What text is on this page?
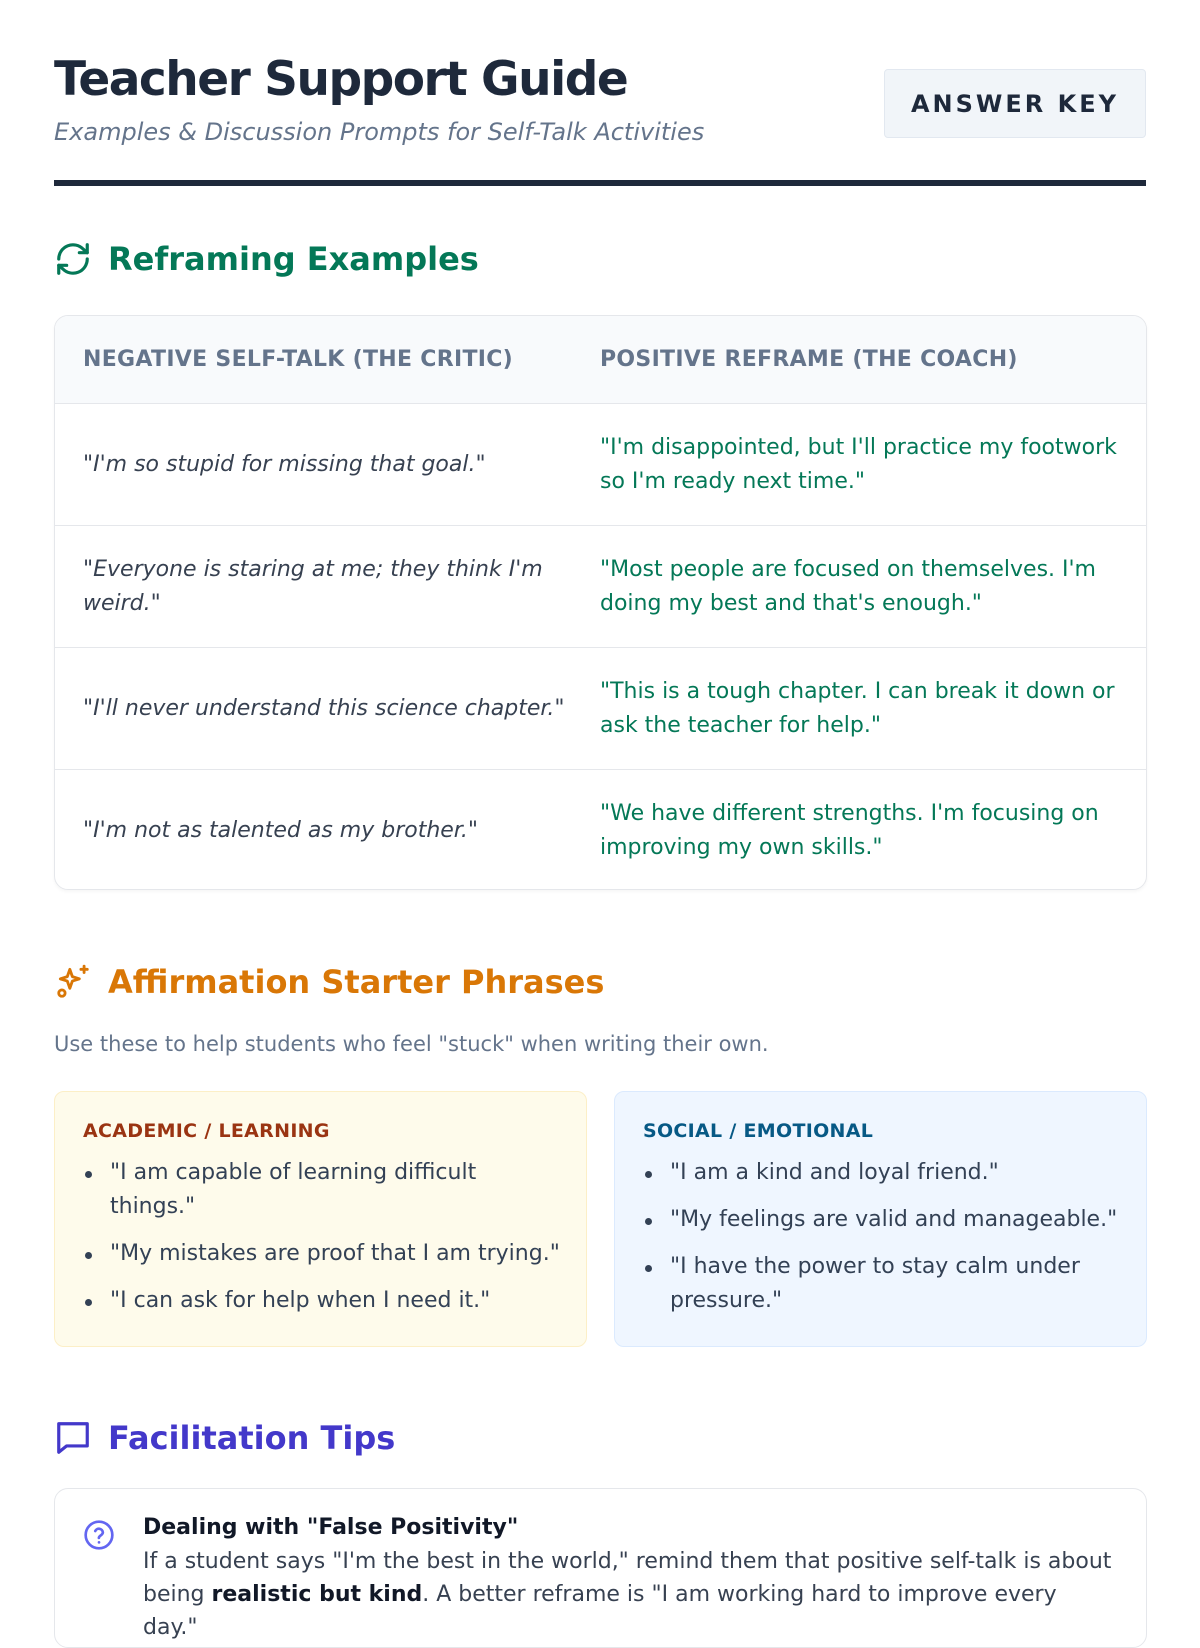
Teacher Support Guide
Examples & Discussion Prompts for Self-Talk Activities
ANSWER KEY
Reframing Examples
NEGATIVE SELF-TALK (THE CRITIC)	POSITIVE REFRAME (THE COACH)
"I'm so stupid for missing that goal."
"I'm disappointed, but I'll practice my footwork so I'm ready next time."
"Everyone is staring at me; they think I'm weird."
"Most people are focused on themselves. I'm doing my best and that's enough."
"I'll never understand this science chapter."
"This is a tough chapter. I can break it down or ask the teacher for help."
"I'm not as talented as my brother."
"We have different strengths. I'm focusing on improving my own skills."
Affirmation Starter Phrases
Use these to help students who feel "stuck" when writing their own.
ACADEMIC / LEARNING
"I am capable of learning difficult things."
"My mistakes are proof that I am trying."
"I can ask for help when I need it."
SOCIAL / EMOTIONAL
"I am a kind and loyal friend."
"My feelings are valid and manageable."
"I have the power to stay calm under pressure."
Facilitation Tips
Dealing with "False Positivity"
If a student says "I'm the best in the world," remind them that positive self-talk is about being realistic but kind. A better reframe is "I am working hard to improve every day."
